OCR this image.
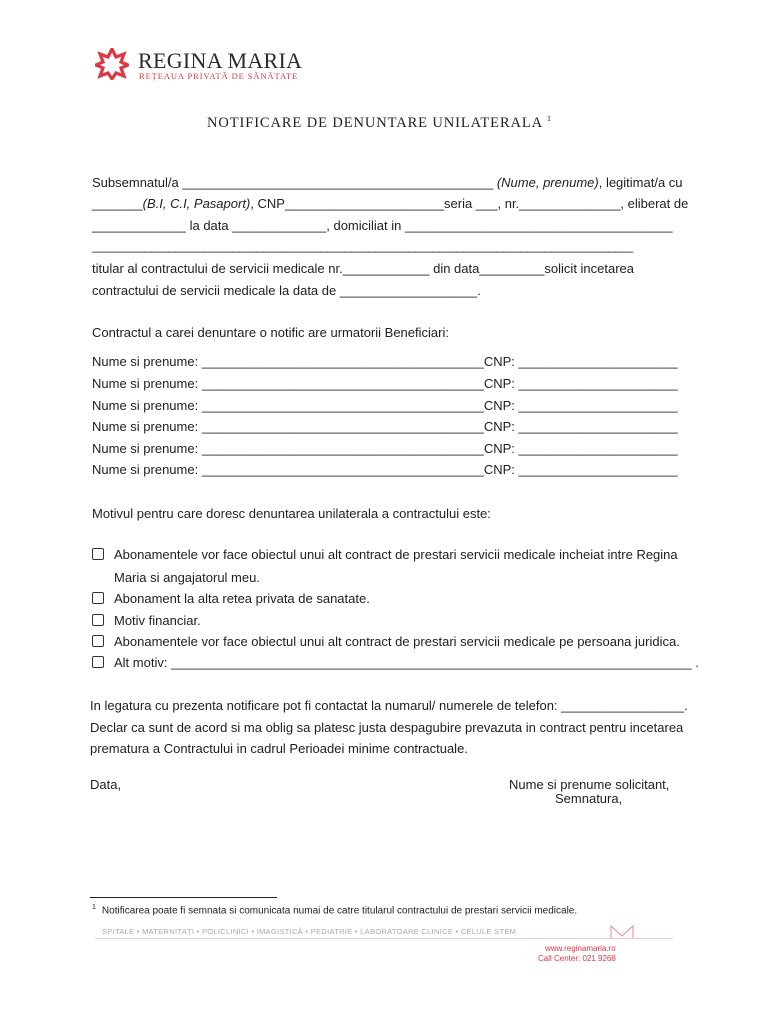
REGINA MARIA
REȚEAUA PRIVATĂ DE SĂNĂTATE
NOTIFICARE DE DENUNTARE UNILATERALA $^1$
Subsemnatul/a ___________________________________________ (Nume, prenume), legitimat/a cu
_______(B.I, C.I, Pasaport), CNP______________________seria ___, nr.______________, eliberat de
_____________ la data _____________, domiciliat in _____________________________________
____________________________________________________________________________________________
titular al contractului de servicii medicale nr.____________ din data_________solicit incetarea
contractului de servicii medicale la data de ___________________.
Contractul a carei denuntare o notific are urmatorii Beneficiari:
Nume si prenume: _______________________________________CNP: ______________________
Nume si prenume: _______________________________________CNP: ______________________
Nume si prenume: _______________________________________CNP: ______________________
Nume si prenume: _______________________________________CNP: ______________________
Nume si prenume: _______________________________________CNP: ______________________
Nume si prenume: _______________________________________CNP: ______________________
Motivul pentru care doresc denuntarea unilaterala a contractului este:
Abonamentele vor face obiectul unui alt contract de prestari servicii medicale incheiat intre Regina
Maria si angajatorul meu.
Abonament la alta retea privata de sanatate.
Motiv financiar.
Abonamentele vor face obiectul unui alt contract de prestari servicii medicale pe persoana juridica.
Alt motiv: ________________________________________________________________________ .
In legatura cu prezenta notificare pot fi contactat la numarul/ numerele de telefon: _________________.
Declar ca sunt de acord si ma oblig sa platesc justa despagubire prevazuta in contract pentru incetarea
prematura a Contractului in cadrul Perioadei minime contractuale.
Data,	Nume si prenume solicitant,
Semnatura,
$^1$ Notificarea poate fi semnata si comunicata numai de catre titularul contractului de prestari servicii medicale.
SPITALE • MATERNITAȚI • POLICLINICI • IMAGISTICĂ • PEDIATRIE • LABORATOARE CLINICE • CELULE STEM
www.reginamaria.ro
Call Center: 021 9268
